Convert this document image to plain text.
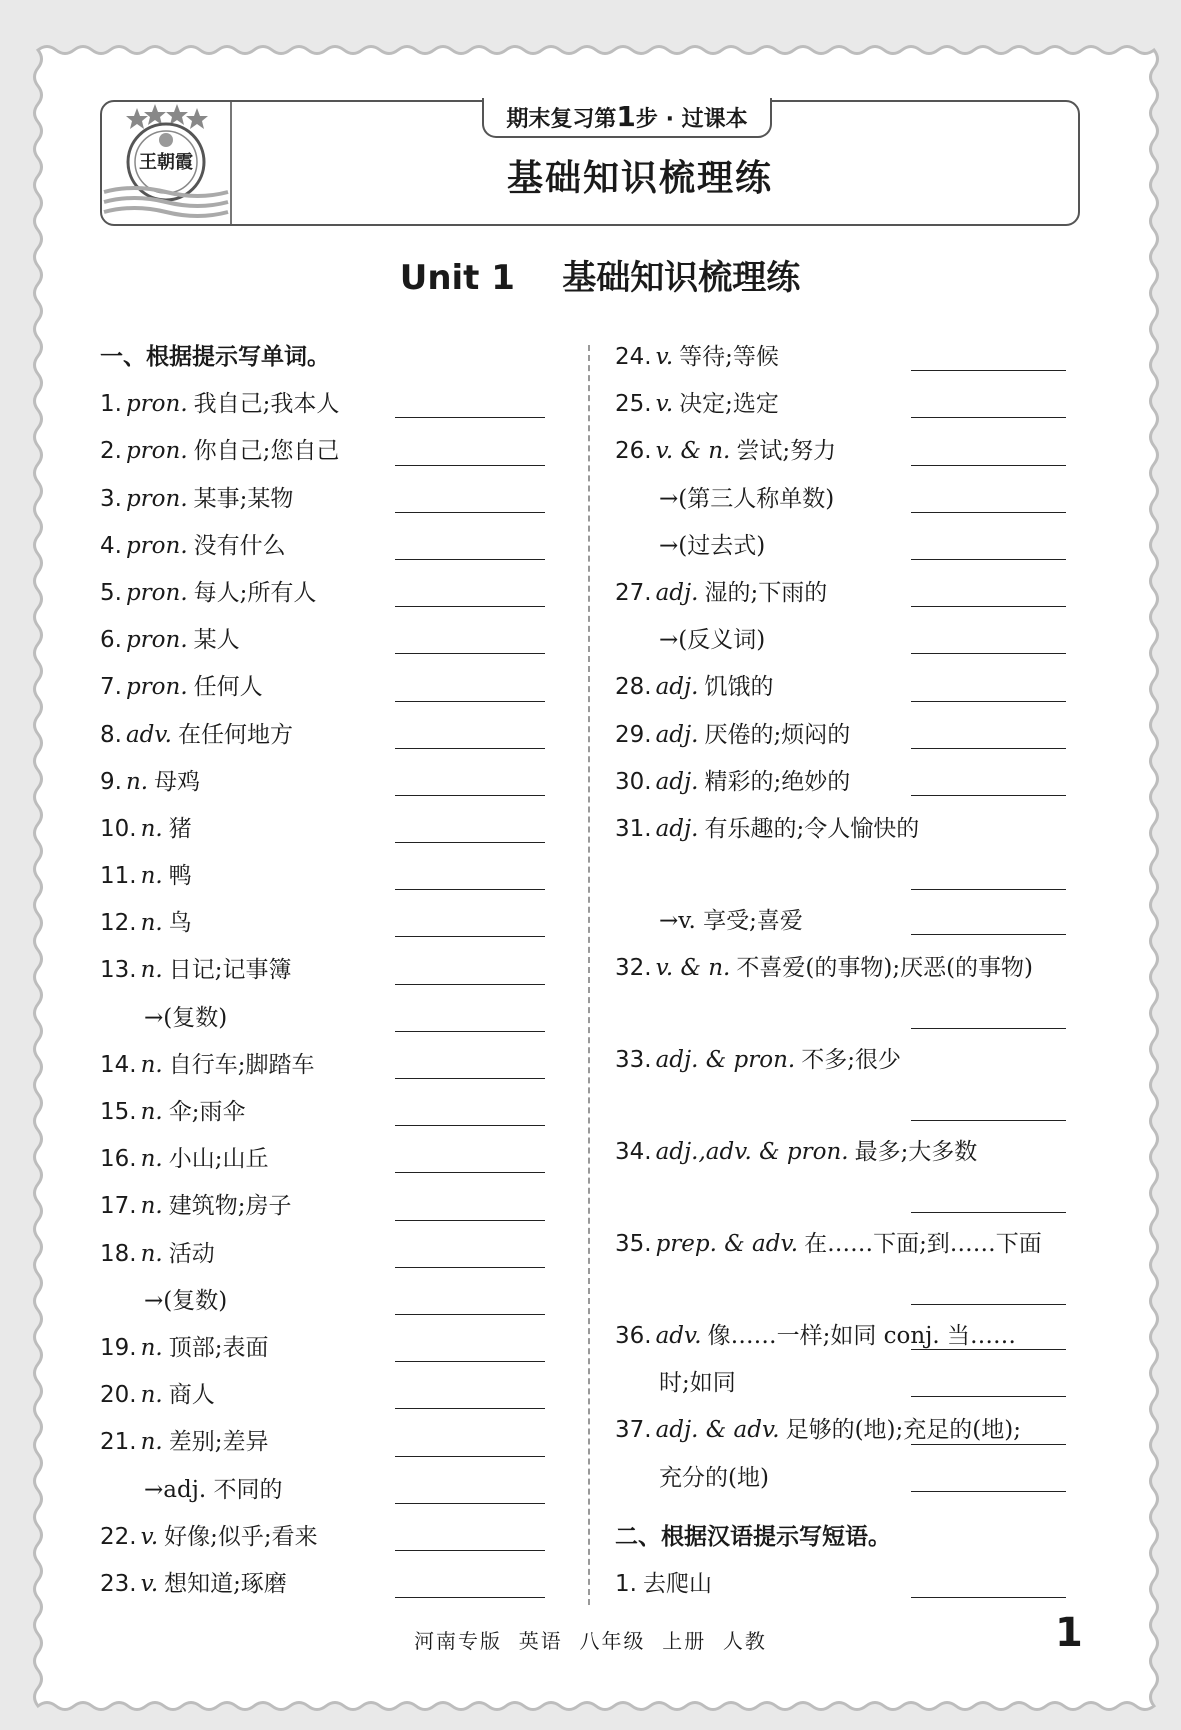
王朝霞
期末复习第1步 · 过课本
基础知识梳理练
Unit 1    基础知识梳理练
一、根据提示写单词。
1. pron. 我自己;我本人
2. pron. 你自己;您自己
3. pron. 某事;某物
4. pron. 没有什么
5. pron. 每人;所有人
6. pron. 某人
7. pron. 任何人
8. adv. 在任何地方
9. n. 母鸡
10. n. 猪
11. n. 鸭
12. n. 鸟
13. n. 日记;记事簿
→(复数)
14. n. 自行车;脚踏车
15. n. 伞;雨伞
16. n. 小山;山丘
17. n. 建筑物;房子
18. n. 活动
→(复数)
19. n. 顶部;表面
20. n. 商人
21. n. 差别;差异
→adj. 不同的
22. v. 好像;似乎;看来
23. v. 想知道;琢磨
24. v. 等待;等候
25. v. 决定;选定
26. v. & n. 尝试;努力
→(第三人称单数)
→(过去式)
27. adj. 湿的;下雨的
→(反义词)
28. adj. 饥饿的
29. adj. 厌倦的;烦闷的
30. adj. 精彩的;绝妙的
31. adj. 有乐趣的;令人愉快的
→v. 享受;喜爱
32. v. & n. 不喜爱(的事物);厌恶(的事物)
33. adj. & pron. 不多;很少
34. adj.,adv. & pron. 最多;大多数
35. prep. & adv. 在……下面;到……下面
36. adv. 像……一样;如同 conj. 当……
时;如同
37. adj. & adv. 足够的(地);充足的(地);
充分的(地)
二、根据汉语提示写短语。
1. 去爬山
河南专版  英语  八年级  上册  人教	1
